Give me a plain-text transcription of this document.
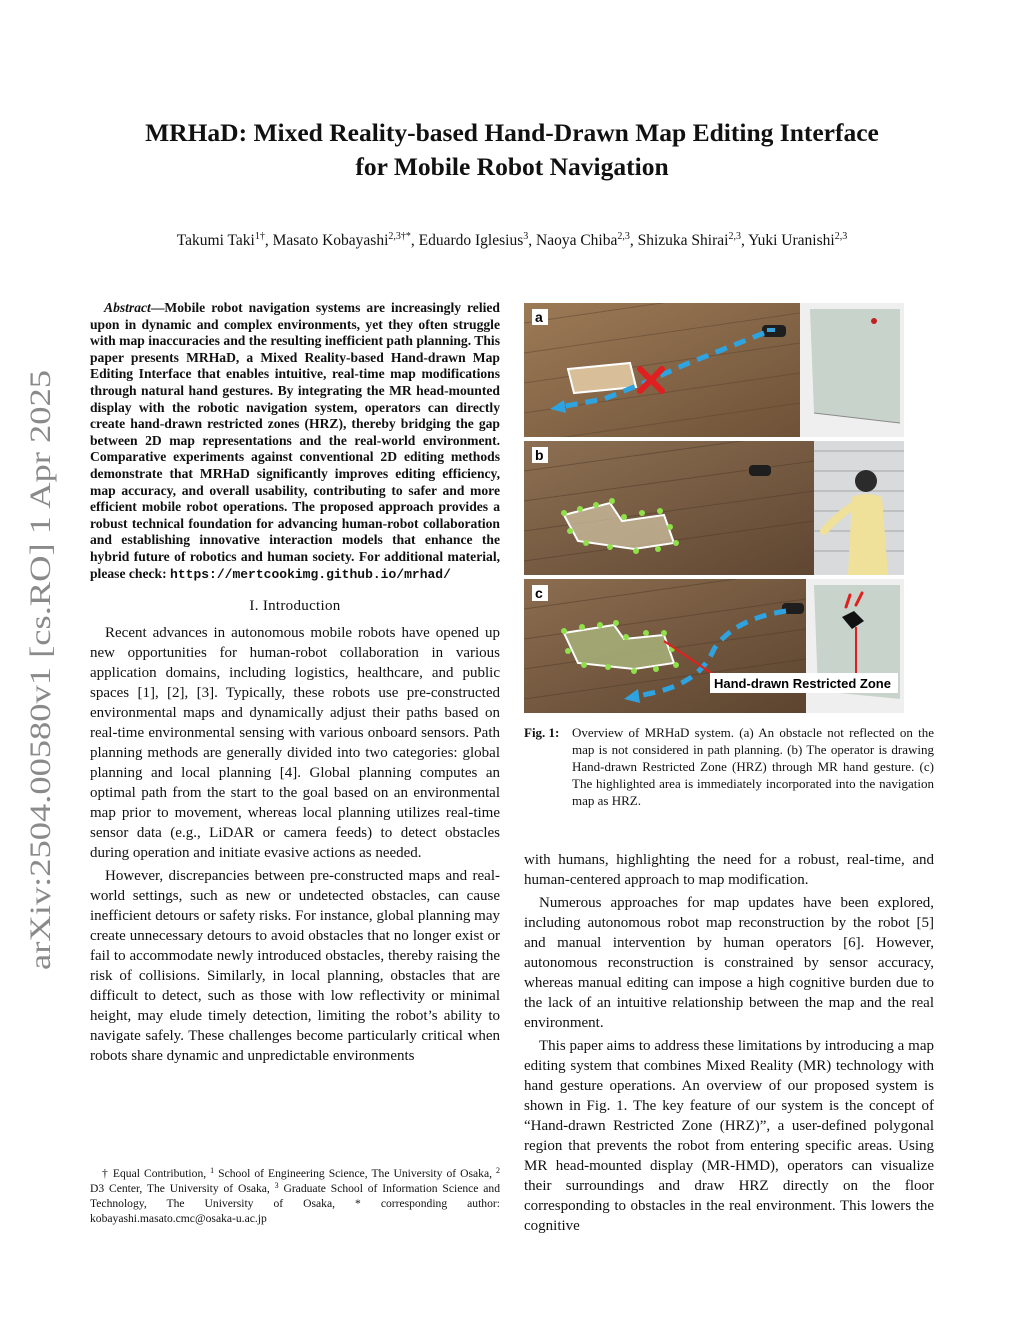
arXiv:2504.00580v1 [cs.RO] 1 Apr 2025
MRHaD: Mixed Reality-based Hand-Drawn Map Editing Interface
for Mobile Robot Navigation
Takumi Taki$^{1\dagger}$, Masato Kobayashi$^{2,3\dagger*}$, Eduardo Iglesius$^3$, Naoya Chiba$^{2,3}$, Shizuka Shirai$^{2,3}$, Yuki Uranishi$^{2,3}$

Abstract—Mobile robot navigation systems are increasingly relied upon in dynamic and complex environments, yet they often struggle with map inaccuracies and the resulting inefficient path planning. This paper presents MRHaD, a Mixed Reality-based Hand-drawn Map Editing Interface that enables intuitive, real-time map modifications through natural hand gestures. By integrating the MR head-mounted display with the robotic navigation system, operators can directly create hand-drawn restricted zones (HRZ), thereby bridging the gap between 2D map representations and the real-world environment. Comparative experiments against conventional 2D editing methods demonstrate that MRHaD significantly improves editing efficiency, map accuracy, and overall usability, contributing to safer and more efficient mobile robot operations. The proposed approach provides a robust technical foundation for advancing human-robot collaboration and establishing innovative interaction models that enhance the hybrid future of robotics and human society. For additional material, please check: https://mertcookimg.github.io/mrhad/

I. Introduction

Recent advances in autonomous mobile robots have opened up new opportunities for human-robot collaboration in various application domains, including logistics, healthcare, and public spaces [1], [2], [3]. Typically, these robots use pre-constructed environmental maps and dynamically adjust their paths based on real-time environmental sensing with various onboard sensors. Path planning methods are generally divided into two categories: global planning and local planning [4]. Global planning computes an optimal path from the start to the goal based on an environmental map prior to movement, whereas local planning utilizes real-time sensor data (e.g., LiDAR or camera feeds) to detect obstacles during operation and initiate evasive actions as needed.

However, discrepancies between pre-constructed maps and real-world settings, such as new or undetected obstacles, can cause inefficient detours or safety risks. For instance, global planning may create unnecessary detours to avoid obstacles that no longer exist or fail to accommodate newly introduced obstacles, thereby raising the risk of collisions. Similarly, in local planning, obstacles that are difficult to detect, such as those with low reflectivity or minimal height, may elude timely detection, limiting the robot’s ability to navigate safely. These challenges become particularly critical when robots share dynamic and unpredictable environments

† Equal Contribution, $^1$ School of Engineering Science, The University of Osaka, $^2$ D3 Center, The University of Osaka, $^3$ Graduate School of Information Science and Technology, The University of Osaka, * corresponding author: kobayashi.masato.cmc@osaka-u.ac.jp
a
b
Hand-drawn Restricted Zone
c
Fig. 1: Overview of MRHaD system. (a) An obstacle not reflected on the map is not considered in path planning. (b) The operator is drawing Hand-drawn Restricted Zone (HRZ) through MR hand gesture. (c) The highlighted area is immediately incorporated into the navigation map as HRZ.

with humans, highlighting the need for a robust, real-time, and human-centered approach to map modification.

Numerous approaches for map updates have been explored, including autonomous robot map reconstruction by the robot [5] and manual intervention by human operators [6]. However, autonomous reconstruction is constrained by sensor accuracy, whereas manual editing can impose a high cognitive burden due to the lack of an intuitive relationship between the map and the real environment.

This paper aims to address these limitations by introducing a map editing system that combines Mixed Reality (MR) technology with hand gesture operations. An overview of our proposed system is shown in Fig. 1. The key feature of our system is the concept of “Hand-drawn Restricted Zone (HRZ)”, a user-defined polygonal region that prevents the robot from entering specific areas. Using MR head-mounted display (MR-HMD), operators can visualize their surroundings and draw HRZ directly on the floor corresponding to obstacles in the real environment. This lowers the cognitive
